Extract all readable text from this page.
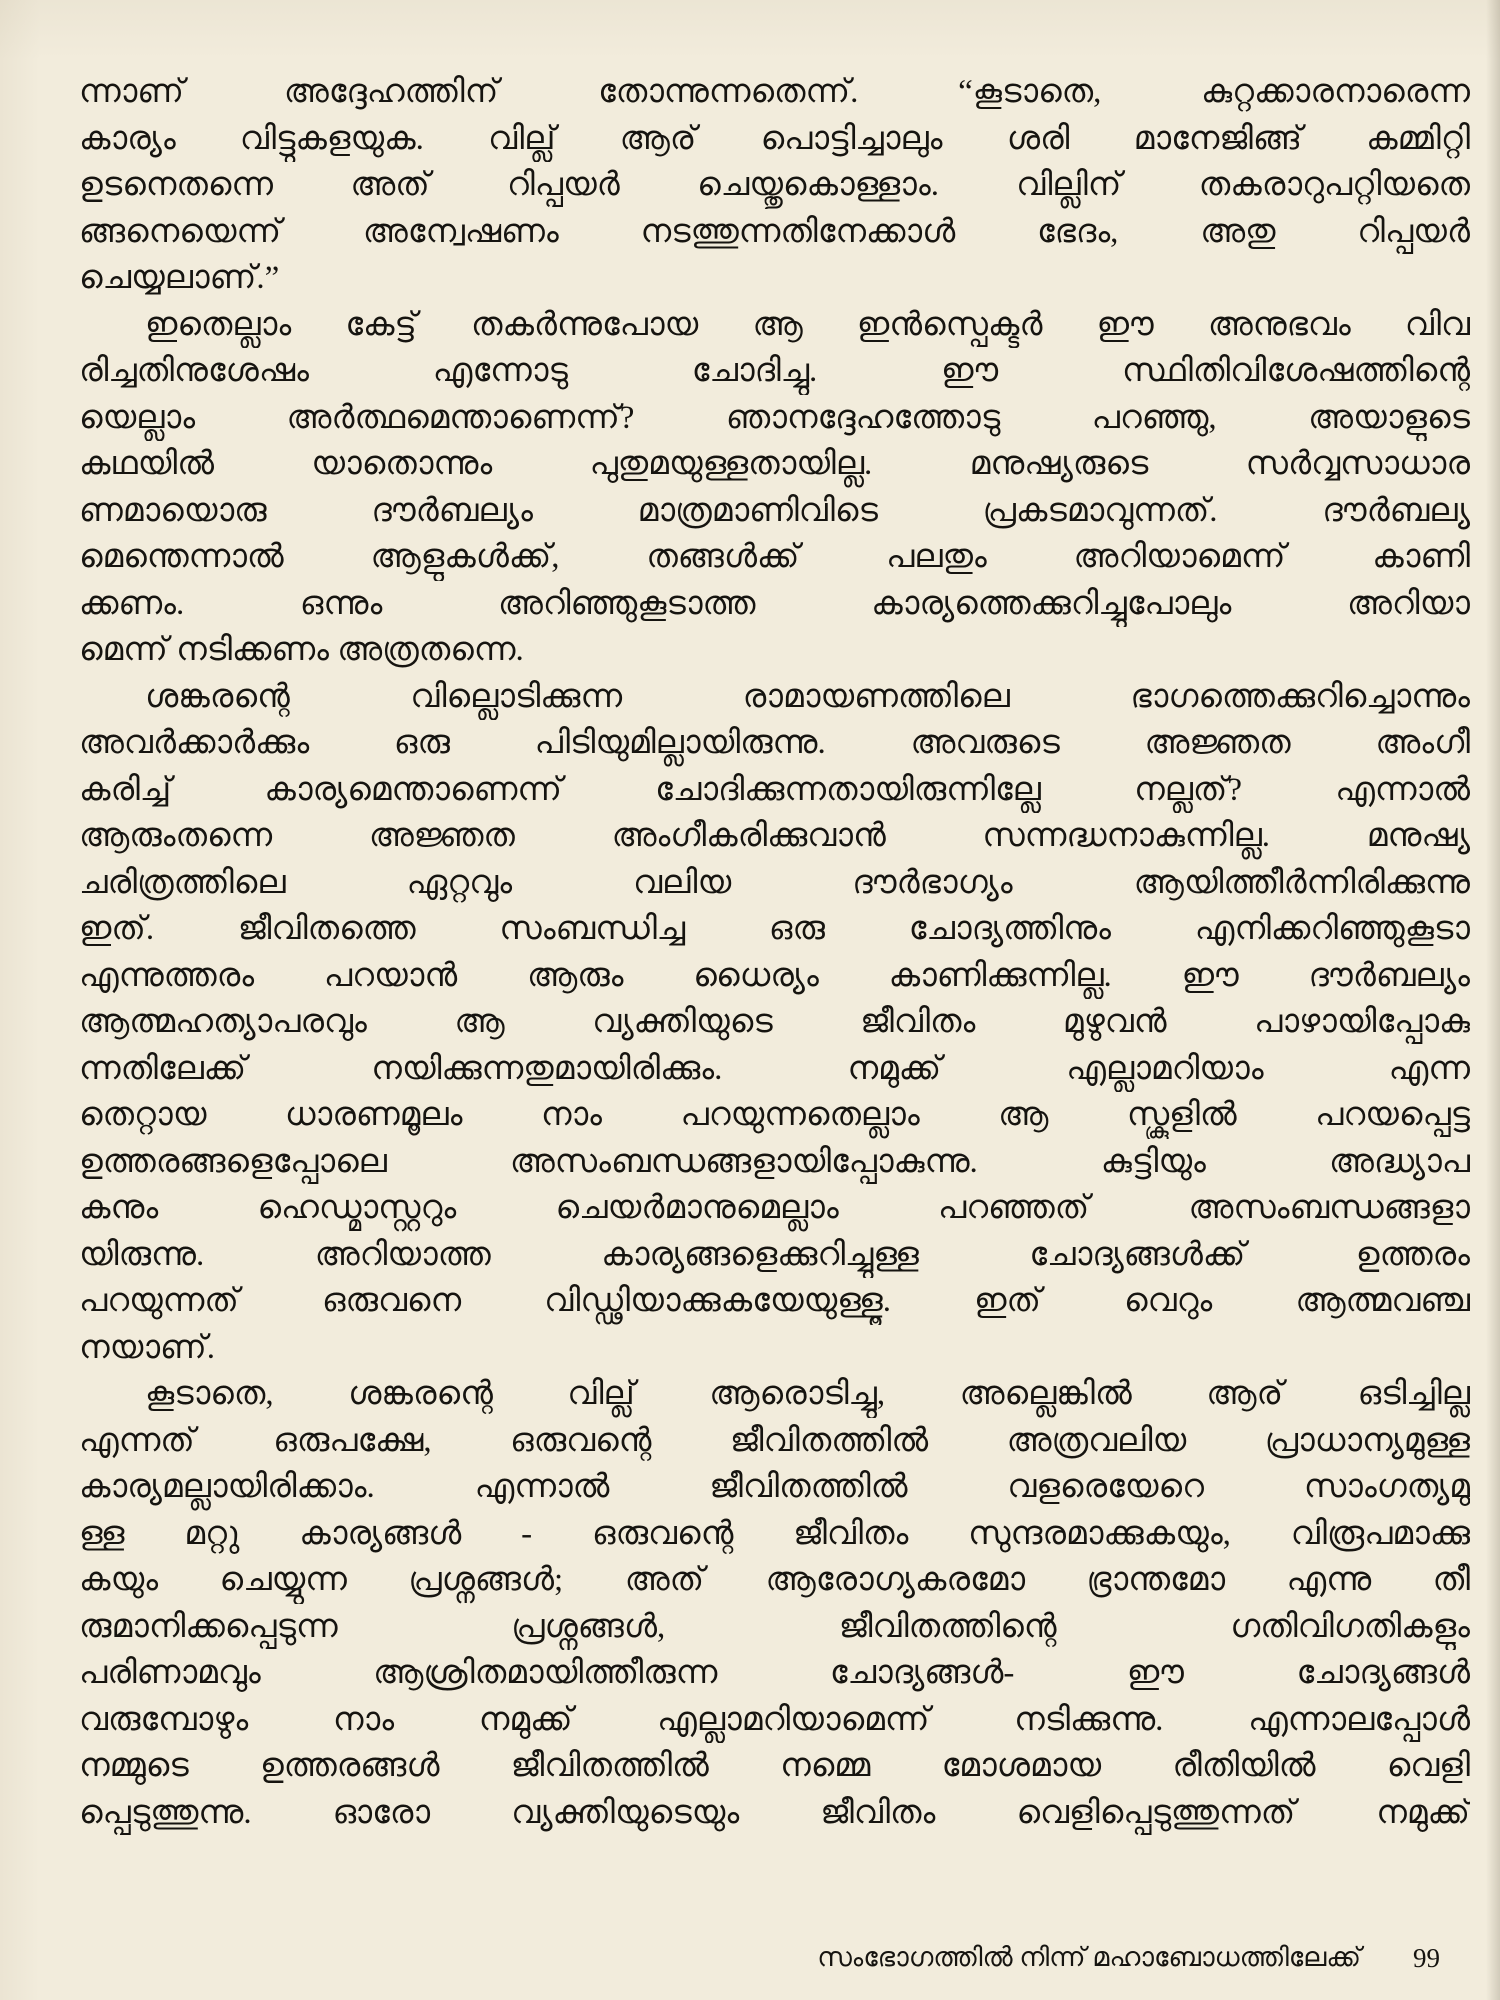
ന്നാണ് അദ്ദേഹത്തിന് തോന്നുന്നതെന്ന്. “കൂടാതെ, കുറ്റക്കാരനാരെന്ന
കാര്യം വിട്ടുകളയുക. വില്ല് ആര് പൊട്ടിച്ചാലും ശരി മാനേജിങ്ങ് കമ്മിറ്റി
ഉടനെതന്നെ അത് റിപ്പയർ ചെയ്തുകൊള്ളാം. വില്ലിന് തകരാറുപറ്റിയതെ
ങ്ങനെയെന്ന് അന്വേഷണം നടത്തുന്നതിനേക്കാൾ ഭേദം, അതു റിപ്പയർ
ചെയ്യലാണ്.”
ഇതെല്ലാം കേട്ട് തകർന്നുപോയ ആ ഇൻസ്പെക്ടർ ഈ അനുഭവം വിവ
രിച്ചതിനുശേഷം എന്നോടു ചോദിച്ചു. ഈ സ്ഥിതിവിശേഷത്തിന്റെ
യെല്ലാം അർത്ഥമെന്താണെന്ന്? ഞാനദ്ദേഹത്തോടു പറഞ്ഞു, അയാളുടെ
കഥയിൽ യാതൊന്നും പുതുമയുള്ളതായില്ല. മനുഷ്യരുടെ സർവ്വസാധാര
ണമായൊരു ദൗർബല്യം മാത്രമാണിവിടെ പ്രകടമാവുന്നത്. ദൗർബല്യ
മെന്തെന്നാൽ ആളുകൾക്ക്, തങ്ങൾക്ക് പലതും അറിയാമെന്ന് കാണി
ക്കണം. ഒന്നും അറിഞ്ഞുകൂടാത്ത കാര്യത്തെക്കുറിച്ചുപോലും അറിയാ
മെന്ന് നടിക്കണം അത്രതന്നെ.
ശങ്കരന്റെ വില്ലൊടിക്കുന്ന രാമായണത്തിലെ ഭാഗത്തെക്കുറിച്ചൊന്നും
അവർക്കാർക്കും ഒരു പിടിയുമില്ലായിരുന്നു. അവരുടെ അജ്ഞത അംഗീ
കരിച്ച് കാര്യമെന്താണെന്ന് ചോദിക്കുന്നതായിരുന്നില്ലേ നല്ലത്? എന്നാൽ
ആരുംതന്നെ അജ്ഞത അംഗീകരിക്കുവാൻ സന്നദ്ധനാകുന്നില്ല. മനുഷ്യ
ചരിത്രത്തിലെ ഏറ്റവും വലിയ ദൗർഭാഗ്യം ആയിത്തീർന്നിരിക്കുന്നു
ഇത്. ജീവിതത്തെ സംബന്ധിച്ച ഒരു ചോദ്യത്തിനും എനിക്കറിഞ്ഞുകൂടാ
എന്നുത്തരം പറയാൻ ആരും ധൈര്യം കാണിക്കുന്നില്ല. ഈ ദൗർബല്യം
ആത്മഹത്യാപരവും ആ വ്യക്തിയുടെ ജീവിതം മുഴുവൻ പാഴായിപ്പോകു
ന്നതിലേക്ക് നയിക്കുന്നതുമായിരിക്കും. നമുക്ക് എല്ലാമറിയാം എന്ന
തെറ്റായ ധാരണമൂലം നാം പറയുന്നതെല്ലാം ആ സ്കൂളിൽ പറയപ്പെട്ട
ഉത്തരങ്ങളെപ്പോലെ അസംബന്ധങ്ങളായിപ്പോകുന്നു. കുട്ടിയും അദ്ധ്യാപ
കനും ഹെഡ്മാസ്റ്ററും ചെയർമാനുമെല്ലാം പറഞ്ഞത് അസംബന്ധങ്ങളാ
യിരുന്നു. അറിയാത്ത കാര്യങ്ങളെക്കുറിച്ചുള്ള ചോദ്യങ്ങൾക്ക് ഉത്തരം
പറയുന്നത് ഒരുവനെ വിഡ്ഢിയാക്കുകയേയുള്ളൂ. ഇത് വെറും ആത്മവഞ്ച
നയാണ്.
കൂടാതെ, ശങ്കരന്റെ വില്ല് ആരൊടിച്ചു, അല്ലെങ്കിൽ ആര് ഒടിച്ചില്ല
എന്നത് ഒരുപക്ഷേ, ഒരുവന്റെ ജീവിതത്തിൽ അത്രവലിയ പ്രാധാന്യമുള്ള
കാര്യമല്ലായിരിക്കാം. എന്നാൽ ജീവിതത്തിൽ വളരെയേറെ സാംഗത്യമു
ള്ള മറ്റു കാര്യങ്ങൾ - ഒരുവന്റെ ജീവിതം സുന്ദരമാക്കുകയും, വിരൂപമാക്കു
കയും ചെയ്യുന്ന പ്രശ്നങ്ങൾ; അത് ആരോഗ്യകരമോ ഭ്രാന്തമോ എന്നു തീ
രുമാനിക്കപ്പെടുന്ന പ്രശ്നങ്ങൾ, ജീവിതത്തിന്റെ ഗതിവിഗതികളും
പരിണാമവും ആശ്രിതമായിത്തീരുന്ന ചോദ്യങ്ങൾ- ഈ ചോദ്യങ്ങൾ
വരുമ്പോഴും നാം നമുക്ക് എല്ലാമറിയാമെന്ന് നടിക്കുന്നു. എന്നാലപ്പോൾ
നമ്മുടെ ഉത്തരങ്ങൾ ജീവിതത്തിൽ നമ്മെ മോശമായ രീതിയിൽ വെളി
പ്പെടുത്തുന്നു. ഓരോ വ്യക്തിയുടെയും ജീവിതം വെളിപ്പെടുത്തുന്നത് നമുക്ക്
സംഭോഗത്തിൽ നിന്ന് മഹാബോധത്തിലേക്ക് 99
